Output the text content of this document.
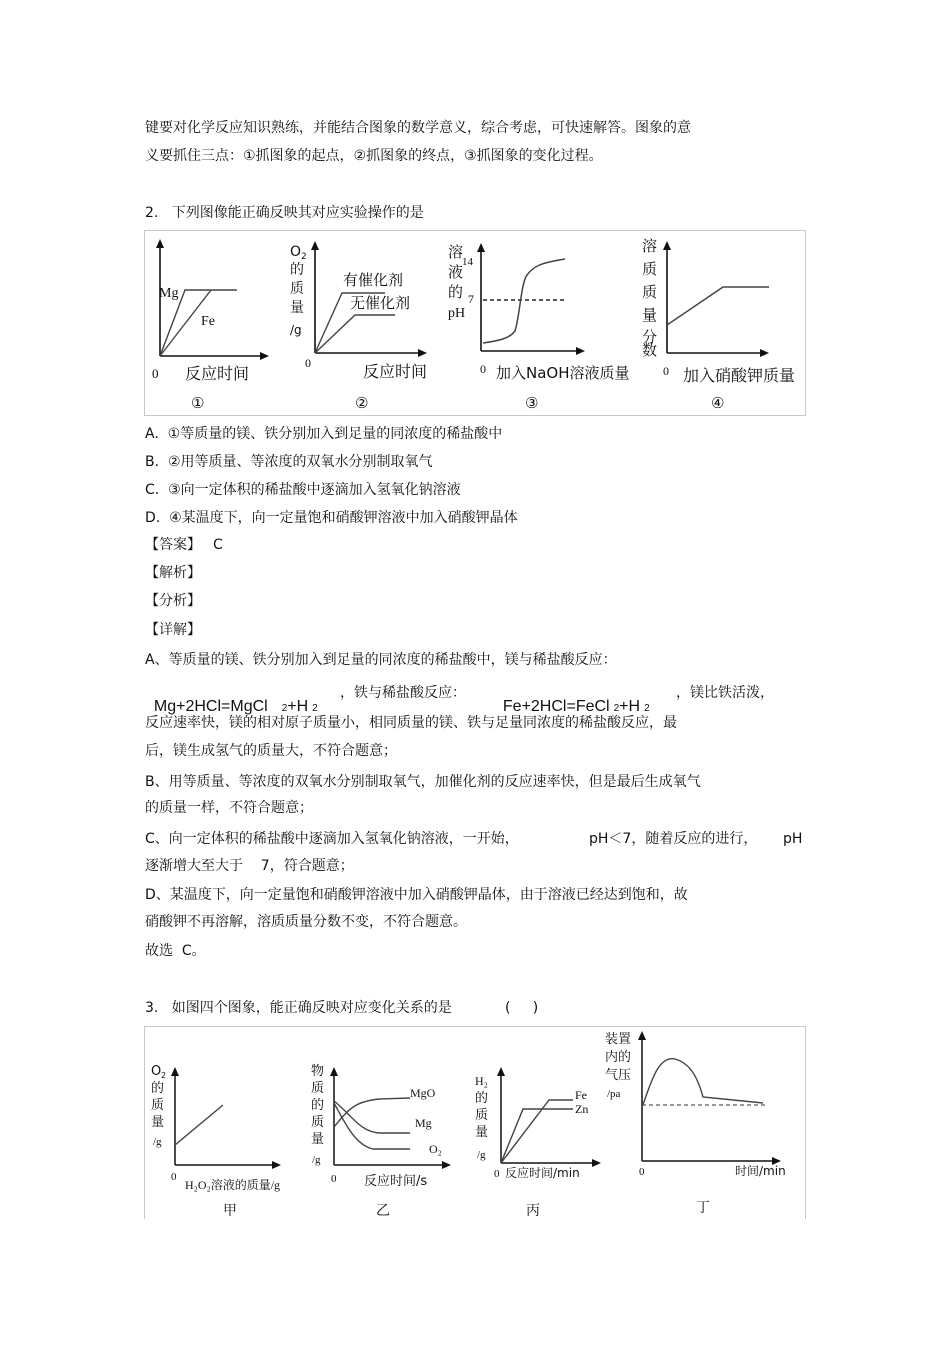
键要对化学反应知识熟练，并能结合图象的数学意义，综合考虑，可快速解答。图象的意
义要抓住三点：①抓图象的起点，②抓图象的终点，③抓图象的变化过程。
2.   下列图像能正确反映其对应实验操作的是
Mg
Fe
0 反应时间
①
O 2
的
质
量
/g
有催化剂
无催化剂
0	反应时间
②
溶
液
的
pH
14
7
0 加入NaOH溶液质量
③
溶
质
质
量
分
数
0 加入硝酸钾质量
④
A.  ①等质量的镁、铁分别加入到足量的同浓度的稀盐酸中
B.  ②用等质量、等浓度的双氧水分别制取氧气
C.  ③向一定体积的稀盐酸中逐滴加入氢氧化钠溶液
D.  ④某温度下，向一定量饱和硝酸钾溶液中加入硝酸钾晶体
【答案】 C
【解析】
【分析】
【详解】
A、等质量的镁、铁分别加入到足量的同浓度的稀盐酸中，镁与稀盐酸反应：

Mg+2HCl=MgCl 2+H 2

，铁与稀盐酸反应：

Fe+2HCl=FeCl 2+H 2

，镁比铁活泼，
反应速率快，镁的相对原子质量小，相同质量的镁、铁与足量同浓度的稀盐酸反应，最
后，镁生成氢气的质量大，不符合题意；
B、用等质量、等浓度的双氧水分别制取氧气，加催化剂的反应速率快，但是最后生成氧气
的质量一样，不符合题意；
C、向一定体积的稀盐酸中逐滴加入氢氧化钠溶液，一开始，	pH＜7，随着反应的进行， pH
逐渐增大至大于    7，符合题意；
D、某温度下，向一定量饱和硝酸钾溶液中加入硝酸钾晶体，由于溶液已经达到饱和，故
硝酸钾不再溶解，溶质质量分数不变，不符合题意。
故选  C。
3.   如图四个图象，能正确反映对应变化关系的是	(     )
O 2
的
质
量
/g
0
H₂O₂溶液的质量/g
甲
物
质
的
质
量
/g
MgO
Mg
O₂
0 反应时间/s
乙
H₂
的
质
量
/g
Fe
Zn
0 反应时间/min
丙
装置
内的
气压
/pa
0	时间/min
丁
